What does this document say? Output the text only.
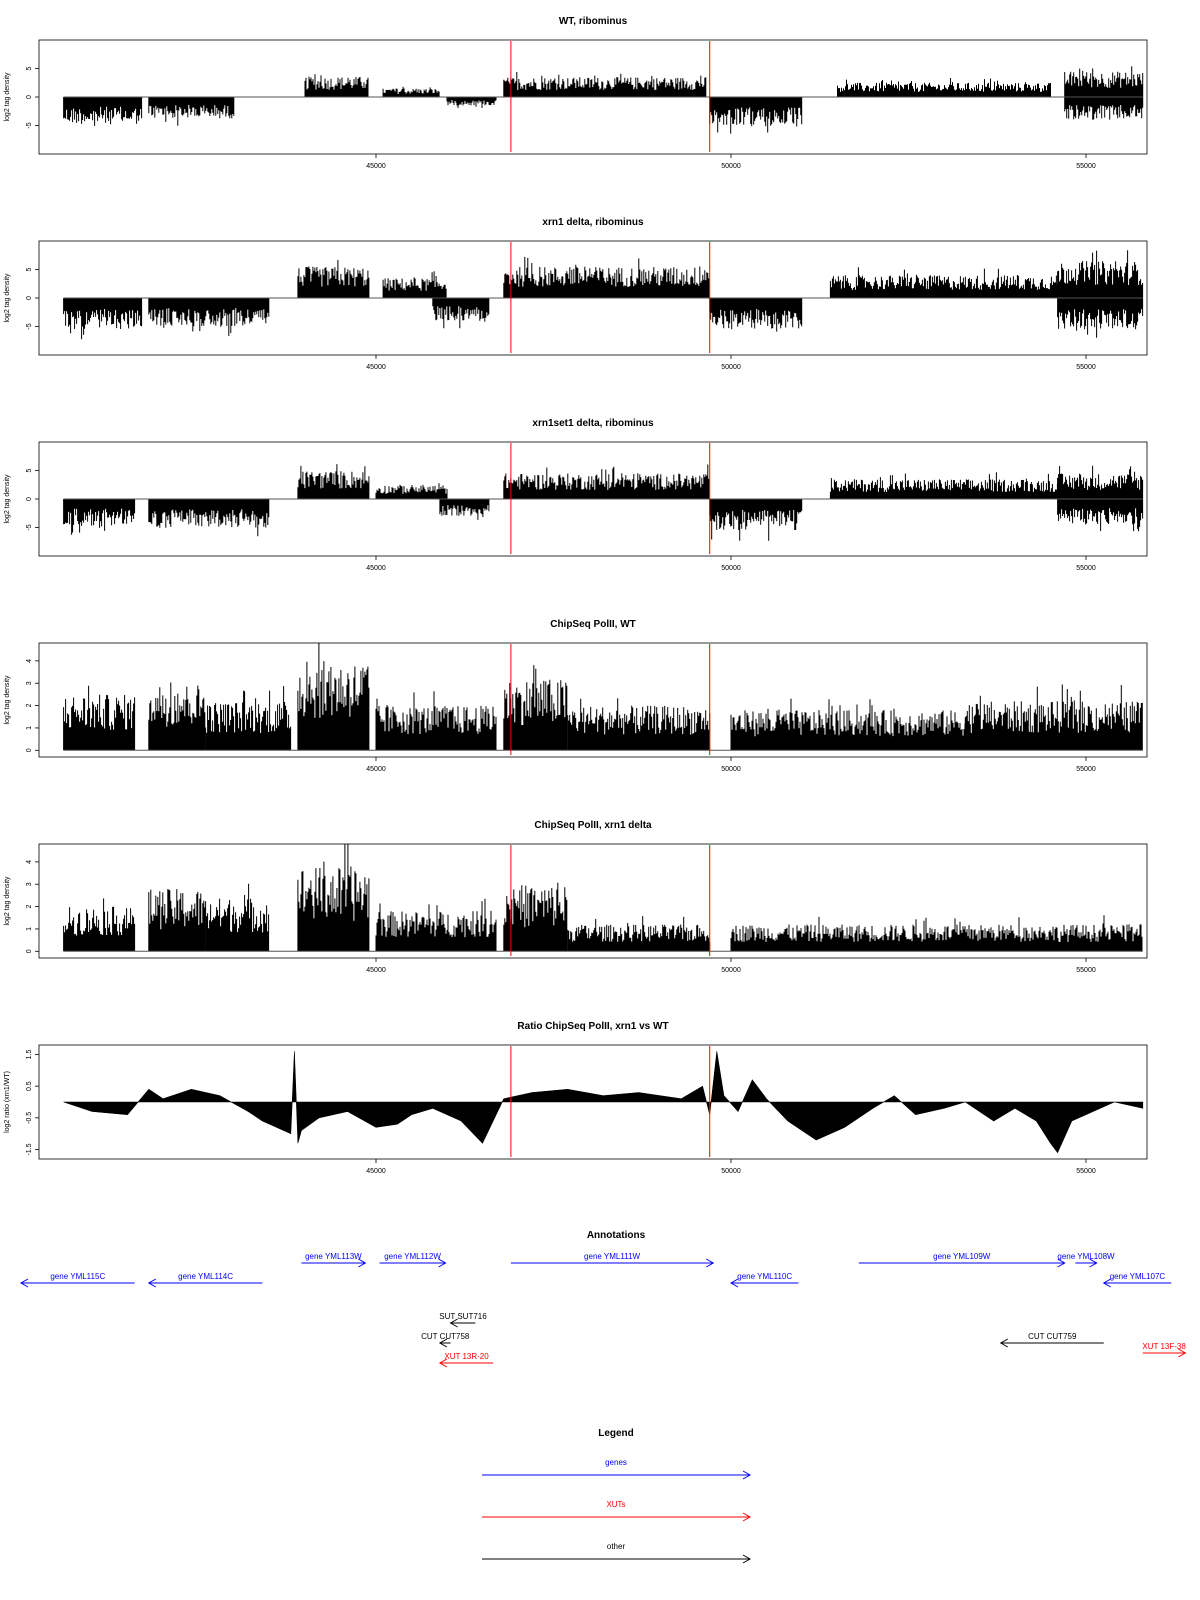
WT, ribominus
log2 tag density
-5
0
5
45000	50000	55000
xrn1 delta, ribominus
log2 tag density
-5
0
5
45000	50000	55000
xrn1set1 delta, ribominus
log2 tag density
-5
0
5
45000	50000	55000
ChipSeq PolII, WT
log2 tag density
0
1
2
3
4
45000	50000	55000
ChipSeq PolII, xrn1 delta
log2 tag density
0
1
2
3
4
45000	50000	55000
Ratio ChipSeq PolII, xrn1 vs WT
log2 ratio (xrn1/WT)
-1.5
-0.5
0.5
1.5
45000	50000	55000
Annotations
gene YML115C	gene YML114C
gene YML113W	gene YML112W	gene YML111W
gene YML110C
gene YML109W	gene YML108W
gene YML107C
SUT SUT716
CUT CUT758
XUT 13R-20
CUT CUT759
XUT 13F-38
Legend
genes
XUTs
other
